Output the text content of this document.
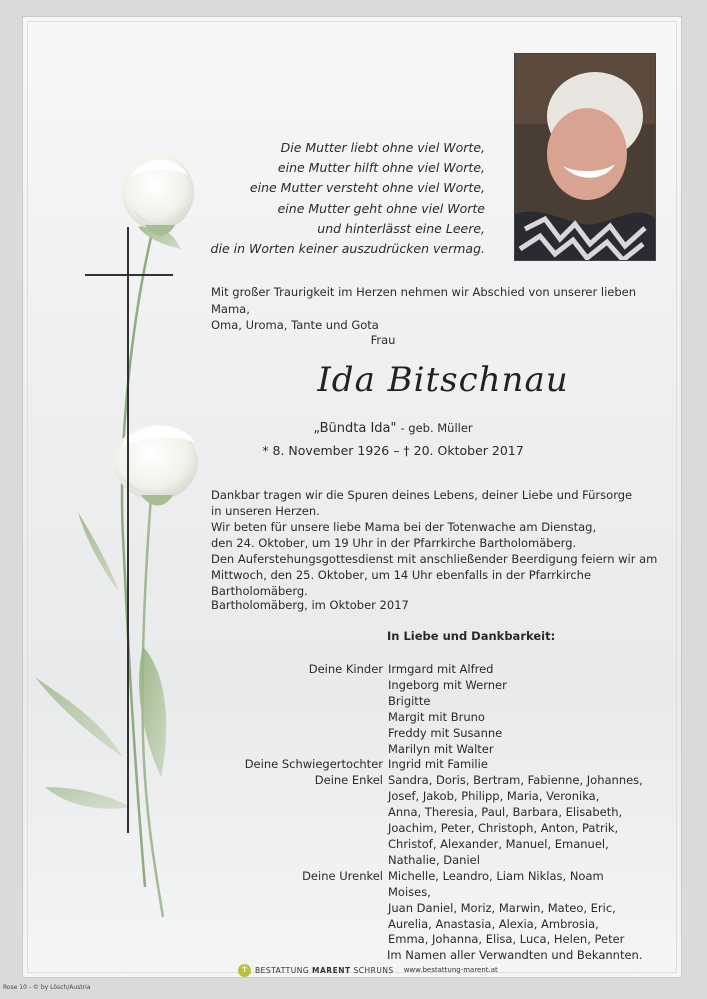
Die Mutter liebt ohne viel Worte,
eine Mutter hilft ohne viel Worte,
eine Mutter versteht ohne viel Worte,
eine Mutter geht ohne viel Worte
und hinterlässt eine Leere,
die in Worten keiner auszudrücken vermag.
Mit großer Traurigkeit im Herzen nehmen wir Abschied von unserer lieben Mama,
Oma, Uroma, Tante und Gota
Frau
Ida Bitschnau
„Bündta Ida" - geb. Müller
* 8. November 1926 – † 20. Oktober 2017

Dankbar tragen wir die Spuren deines Lebens, deiner Liebe und Fürsorge

in unseren Herzen.

Wir beten für unsere liebe Mama bei der Totenwache am Dienstag,

den 24. Oktober, um 19 Uhr in der Pfarrkirche Bartholomäberg.

Den Auferstehungsgottesdienst mit anschließender Beerdigung feiern wir am

Mittwoch, den 25. Oktober, um 14 Uhr ebenfalls in der Pfarrkirche Bartholomäberg.

Bartholomäberg, im Oktober 2017
In Liebe und Dankbarkeit:
Deine Kinder Irmgard mit Alfred
Ingeborg mit Werner
Brigitte
Margit mit Bruno
Freddy mit Susanne
Marilyn mit Walter
Deine Schwiegertochter Ingrid mit Familie
Deine Enkel Sandra, Doris, Bertram, Fabienne, Johannes,
Josef, Jakob, Philipp, Maria, Veronika,
Anna, Theresia, Paul, Barbara, Elisabeth,
Joachim, Peter, Christoph, Anton, Patrik,
Christof, Alexander, Manuel, Emanuel,
Nathalie, Daniel
Deine Urenkel Michelle, Leandro, Liam Niklas, Noam Moises,
Juan Daniel, Moriz, Marwin, Mateo, Eric,
Aurelia, Anastasia, Alexia, Ambrosia,
Emma, Johanna, Elisa, Luca, Helen, Peter
Im Namen aller Verwandten und Bekannten.
✝ BESTATTUNG MARENT SCHRUNS www.bestattung-marent.at
Rose 10 - © by Lösch/Austria
